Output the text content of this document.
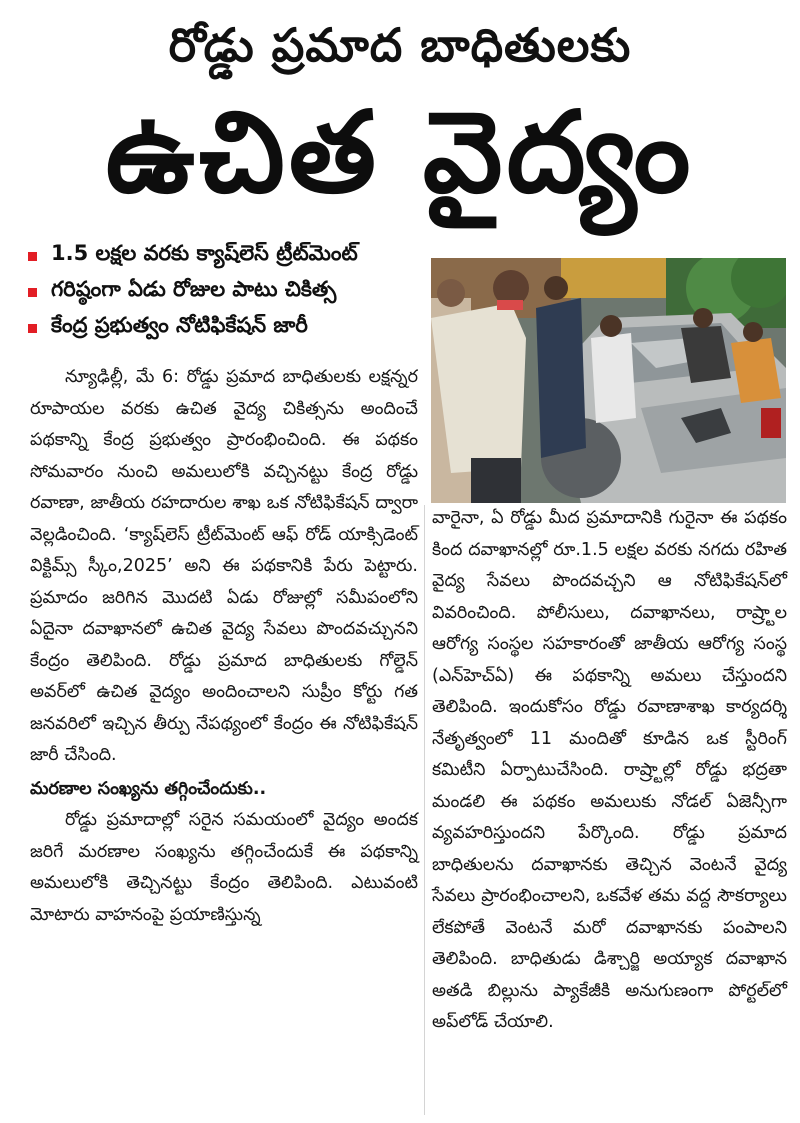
రోడ్డు ప్రమాద బాధితులకు
ఉచిత వైద్యం
1.5 లక్షల వరకు క్యాష్‌లెస్ ట్రీట్‌మెంట్
గరిష్ఠంగా ఏడు రోజుల పాటు చికిత్స
కేంద్ర ప్రభుత్వం నోటిఫికేషన్ జారీ

న్యూఢిల్లీ, మే 6: రోడ్డు ప్రమాద బాధితులకు లక్షన్నర రూపాయల వరకు ఉచిత వైద్య చికిత్సను అందించే పథకాన్ని కేంద్ర ప్రభుత్వం ప్రారంభించింది. ఈ పథకం సోమవారం నుంచి అమలులోకి వచ్చినట్టు కేంద్ర రోడ్డు రవాణా, జాతీయ రహదారుల శాఖ ఒక నోటిఫికేషన్ ద్వారా వెల్లడించింది. ‘క్యాష్‌లెస్ ట్రీట్‌మెంట్ ఆఫ్ రోడ్ యాక్సిడెంట్ విక్టిమ్స్ స్కీం,2025’ అని ఈ పథకానికి పేరు పెట్టారు. ప్రమాదం జరిగిన మొదటి ఏడు రోజుల్లో సమీపంలోని ఏదైనా దవాఖానలో ఉచిత వైద్య సేవలు పొందవచ్చునని కేంద్రం తెలిపింది. రోడ్డు ప్రమాద బాధితులకు గోల్డెన్ అవర్‌లో ఉచిత వైద్యం అందించాలని సుప్రీం కోర్టు గత జనవరిలో ఇచ్చిన తీర్పు నేపథ్యంలో కేంద్రం ఈ నోటిఫికేషన్ జారీ చేసింది.

మరణాల సంఖ్యను తగ్గించేందుకు..

రోడ్డు ప్రమాదాల్లో సరైన సమయంలో వైద్యం అందక జరిగే మరణాల సంఖ్యను తగ్గించేందుకే ఈ పథకాన్ని అమలులోకి తెచ్చినట్టు కేంద్రం తెలిపింది. ఎటువంటి మోటారు వాహనంపై ప్రయాణిస్తున్న

వారైనా, ఏ రోడ్డు మీద ప్రమాదానికి గురైనా ఈ పథకం కింద దవాఖానల్లో రూ.1.5 లక్షల వరకు నగదు రహిత వైద్య సేవలు పొందవచ్చని ఆ నోటిఫికేషన్‌లో వివరించింది. పోలీసులు, దవాఖానలు, రాష్ర్టాల ఆరోగ్య సంస్థల సహకారంతో జాతీయ ఆరోగ్య సంస్థ (ఎన్‌హెచ్‌ఏ) ఈ పథకాన్ని అమలు చేస్తుందని తెలిపింది. ఇందుకోసం రోడ్డు రవాణాశాఖ కార్యదర్శి నేతృత్వంలో 11 మందితో కూడిన ఒక స్టీరింగ్ కమిటీని ఏర్పాటుచేసింది. రాష్ర్టాల్లో రోడ్డు భద్రతా మండలి ఈ పథకం అమలుకు నోడల్ ఏజెన్సీగా వ్యవహరిస్తుందని పేర్కొంది. రోడ్డు ప్రమాద బాధితులను దవాఖానకు తెచ్చిన వెంటనే వైద్య సేవలు ప్రారంభించాలని, ఒకవేళ తమ వద్ద సౌకర్యాలు లేకపోతే వెంటనే మరో దవాఖానకు పంపాలని తెలిపింది. బాధితుడు డిశ్చార్జి అయ్యాక దవాఖాన అతడి బిల్లును ప్యాకేజీకి అనుగుణంగా పోర్టల్‌లో అప్‌లోడ్ చేయాలి.
